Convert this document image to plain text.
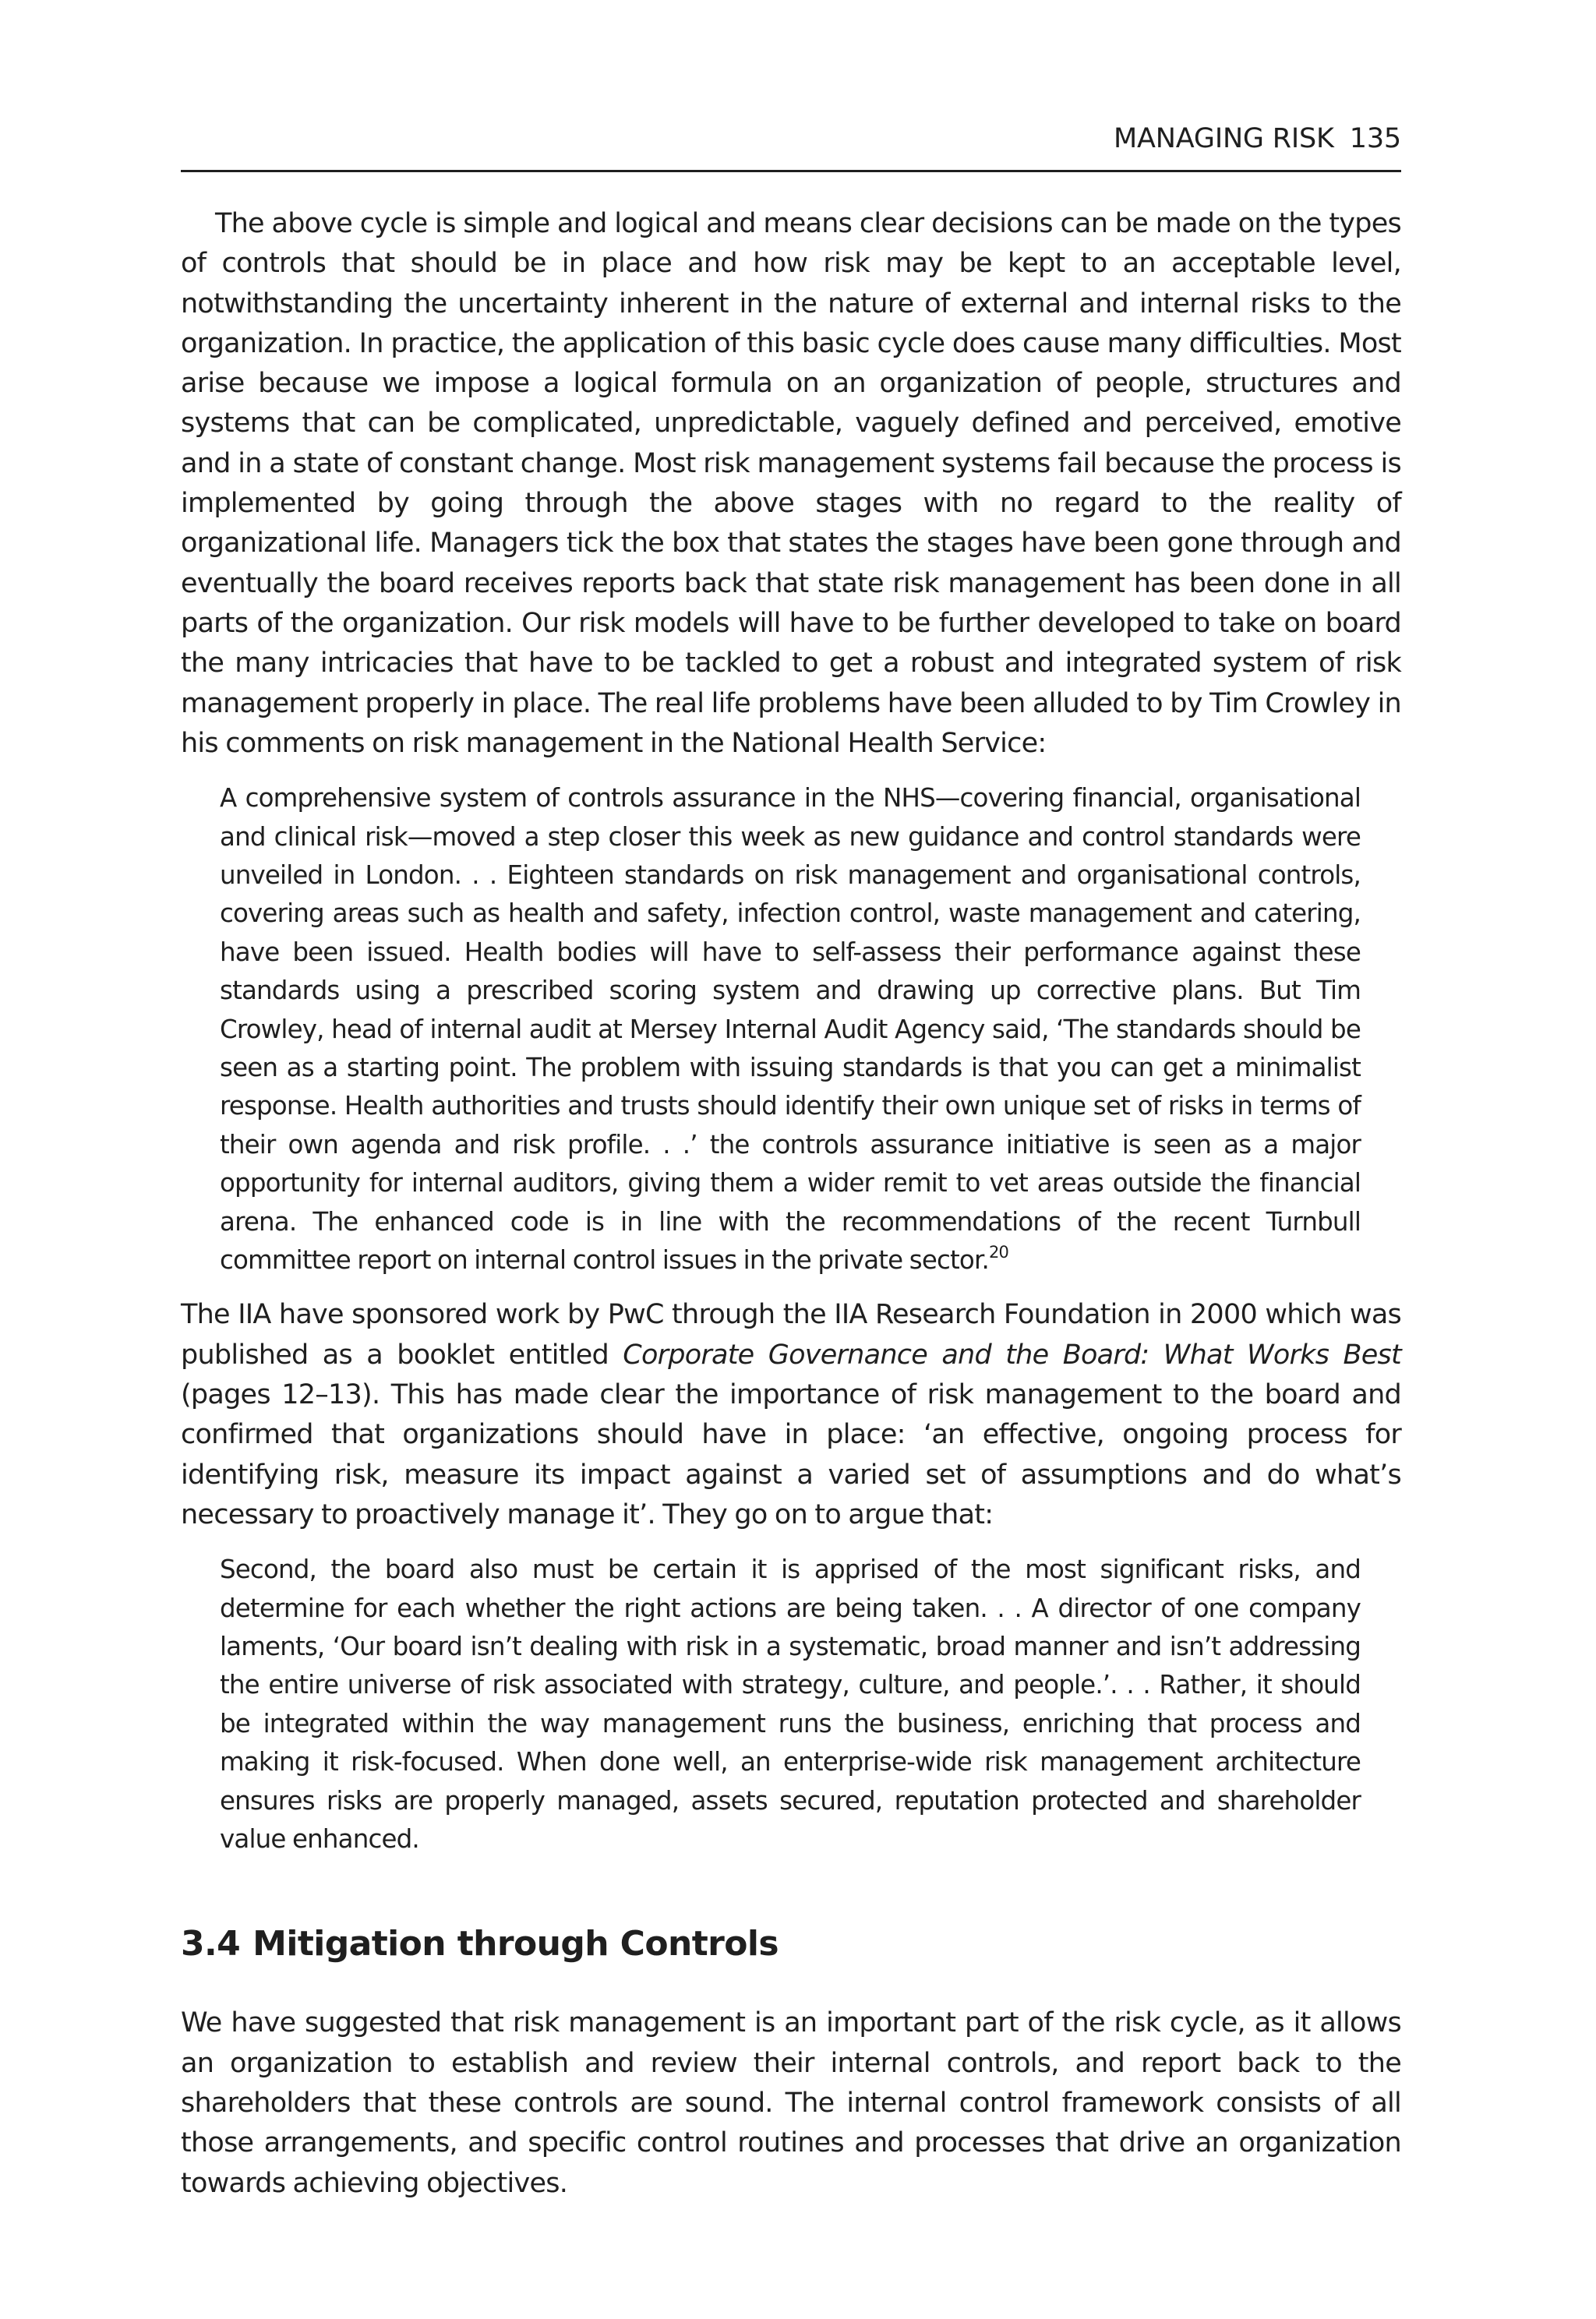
MANAGING RISK 135

The above cycle is simple and logical and means clear decisions can be made on the types of controls that should be in place and how risk may be kept to an acceptable level, notwithstanding the uncertainty inherent in the nature of external and internal risks to the organization. In practice, the application of this basic cycle does cause many difficulties. Most arise because we impose a logical formula on an organization of people, structures and systems that can be complicated, unpredictable, vaguely defined and perceived, emotive and in a state of constant change. Most risk management systems fail because the process is implemented by going through the above stages with no regard to the reality of organizational life. Managers tick the box that states the stages have been gone through and eventually the board receives reports back that state risk management has been done in all parts of the organization. Our risk models will have to be further developed to take on board the many intricacies that have to be tackled to get a robust and integrated system of risk management properly in place. The real life problems have been alluded to by Tim Crowley in his comments on risk management in the National Health Service:

A comprehensive system of controls assurance in the NHS—covering financial, organisational and clinical risk—moved a step closer this week as new guidance and control standards were unveiled in London. . . Eighteen standards on risk management and organisational controls, covering areas such as health and safety, infection control, waste management and catering, have been issued. Health bodies will have to self-assess their performance against these standards using a prescribed scoring system and drawing up corrective plans. But Tim Crowley, head of internal audit at Mersey Internal Audit Agency said, ‘The standards should be seen as a starting point. The problem with issuing standards is that you can get a minimalist response. Health authorities and trusts should identify their own unique set of risks in terms of their own agenda and risk profile. . .’ the controls assurance initiative is seen as a major opportunity for internal auditors, giving them a wider remit to vet areas outside the financial arena. The enhanced code is in line with the recommendations of the recent Turnbull committee report on internal control issues in the private sector.$^{20}$

The IIA have sponsored work by PwC through the IIA Research Foundation in 2000 which was published as a booklet entitled Corporate Governance and the Board: What Works Best (pages 12–13). This has made clear the importance of risk management to the board and confirmed that organizations should have in place: ‘an effective, ongoing process for identifying risk, measure its impact against a varied set of assumptions and do what’s necessary to proactively manage it’. They go on to argue that:

Second, the board also must be certain it is apprised of the most significant risks, and determine for each whether the right actions are being taken. . . A director of one company laments, ‘Our board isn’t dealing with risk in a systematic, broad manner and isn’t addressing the entire universe of risk associated with strategy, culture, and people.’. . . Rather, it should be integrated within the way management runs the business, enriching that process and making it risk-focused. When done well, an enterprise-wide risk management architecture ensures risks are properly managed, assets secured, reputation protected and shareholder value enhanced.

3.4 Mitigation through Controls

We have suggested that risk management is an important part of the risk cycle, as it allows an organization to establish and review their internal controls, and report back to the shareholders that these controls are sound. The internal control framework consists of all those arrangements, and specific control routines and processes that drive an organization towards achieving objectives.
